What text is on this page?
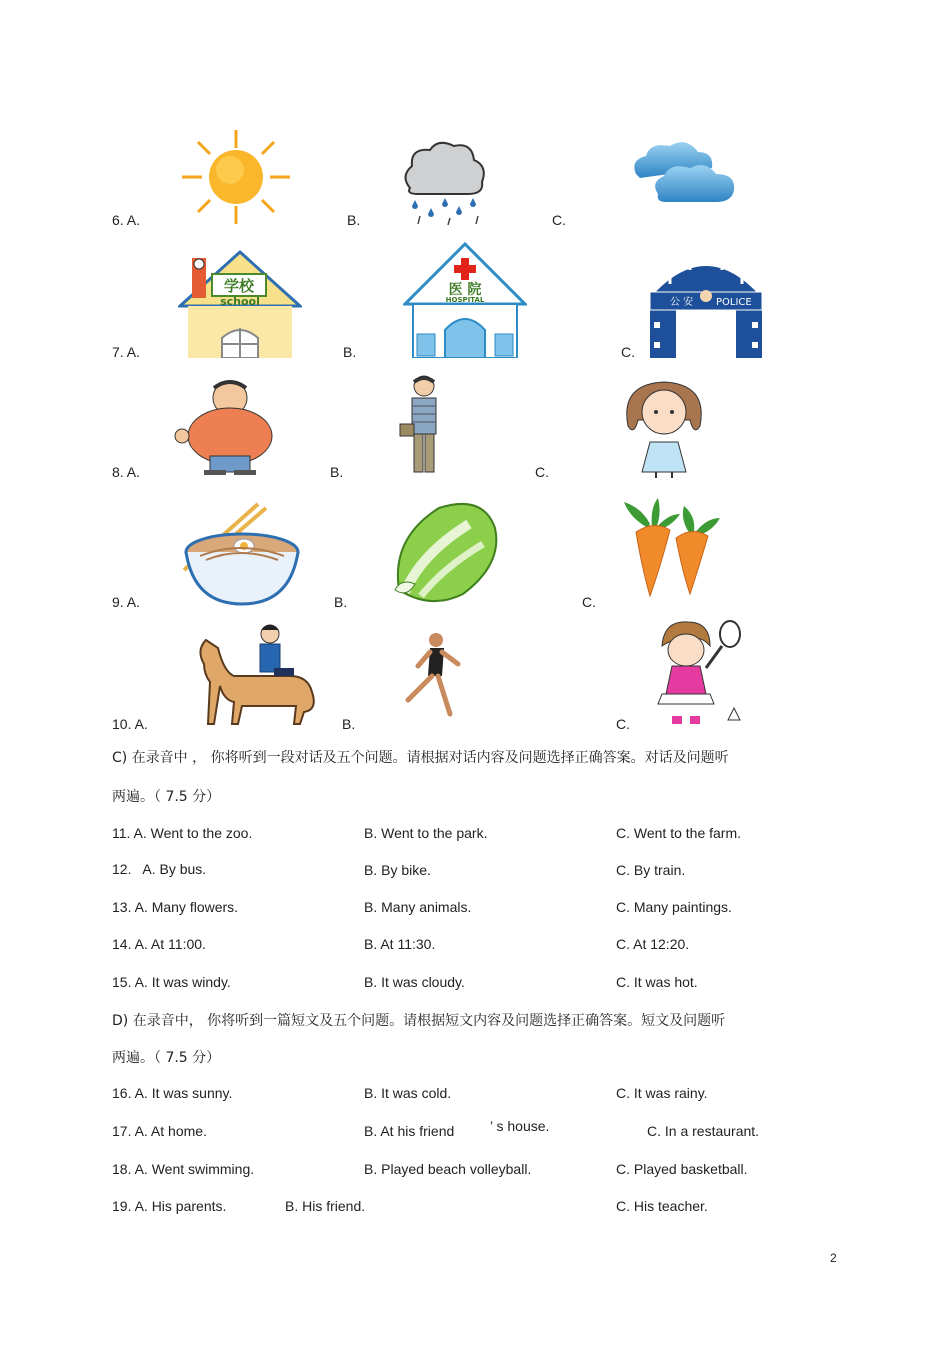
6. A.	B.	C.
7. A.
学校
school
B.
医 院
HOSPITAL
C.
公 安 POLICE
8. A.	B.	C.
9. A.	B.	C.
10. A.	B.	C.
C) 在录音中 ， 你将听到一段对话及五个问题。请根据对话内容及问题选择正确答案。对话及问题听
两遍。（ 7.5 分）
11. A. Went to the zoo.	B. Went to the park.	C. Went to the farm.
12.   A. By bus.	B. By bike.	C. By train.
13. A. Many flowers.	B. Many animals.	C. Many paintings.
14. A. At 11:00.	B. At 11:30.	C. At 12:20.
15. A. It was windy.	B. It was cloudy.	C. It was hot.
D) 在录音中， 你将听到一篇短文及五个问题。请根据短文内容及问题选择正确答案。短文及问题听
两遍。（ 7.5 分）
16. A. It was sunny.	B. It was cold.	C. It was rainy.
17. A. At home.	B. At his friend	’ s house.	C. In a restaurant.
18. A. Went swimming.	B. Played beach volleyball.	C. Played basketball.
19. A. His parents.	B. His friend.	C. His teacher.
2
